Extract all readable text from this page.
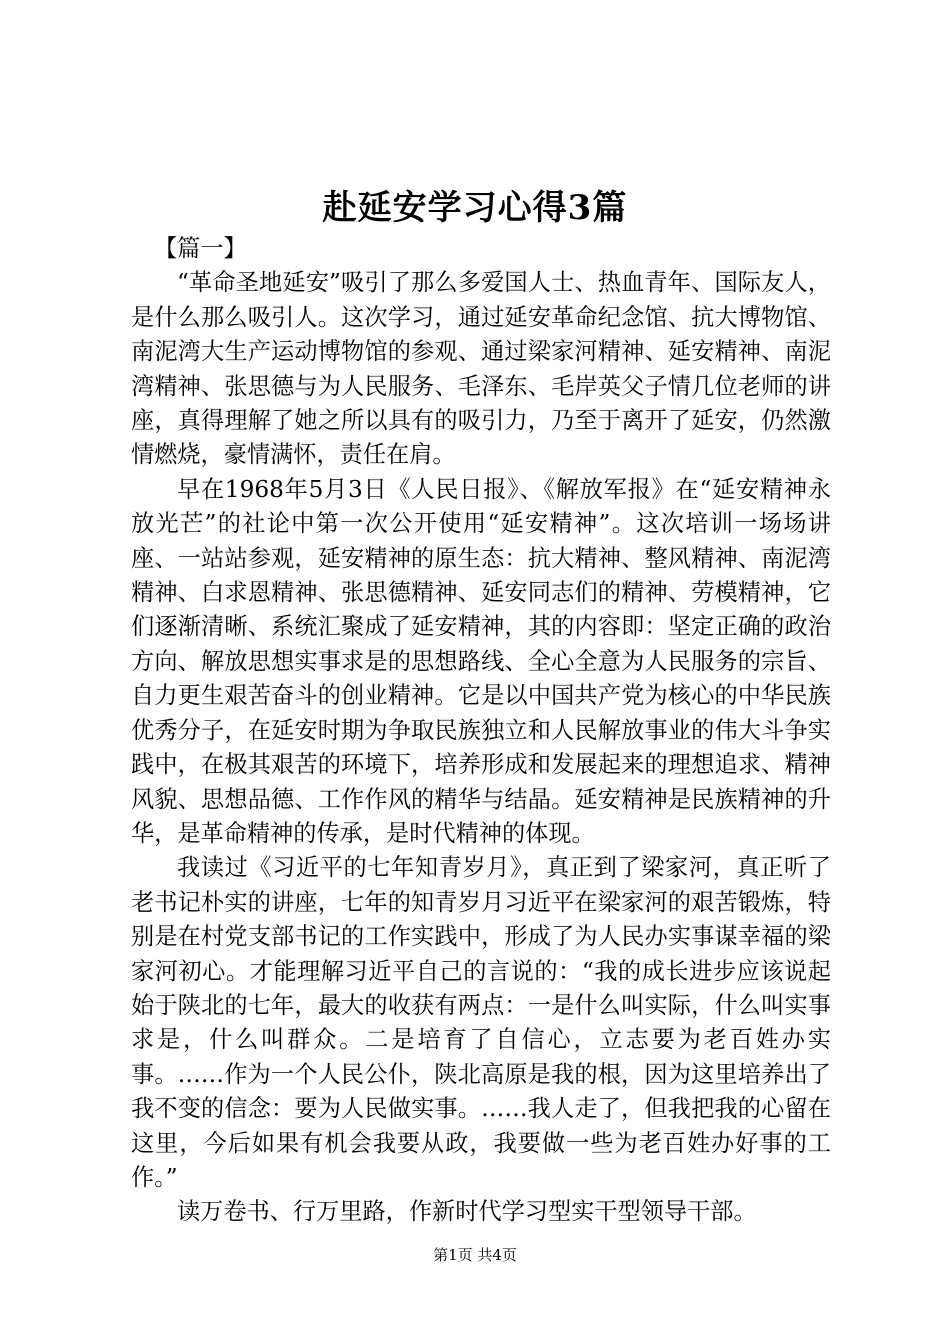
赴延安学习心得3篇

【篇一】

“革命圣地延安”吸引了那么多爱国人士、热血青年、国际友人，是什么那么吸引人。这次学习，通过延安革命纪念馆、抗大博物馆、南泥湾大生产运动博物馆的参观、通过梁家河精神、延安精神、南泥湾精神、张思德与为人民服务、毛泽东、毛岸英父子情几位老师的讲座，真得理解了她之所以具有的吸引力，乃至于离开了延安，仍然激情燃烧，豪情满怀，责任在肩。

早在1968年5月3日《人民日报》、《解放军报》在“延安精神永放光芒”的社论中第一次公开使用“延安精神”。这次培训一场场讲座、一站站参观，延安精神的原生态：抗大精神、整风精神、南泥湾精神、白求恩精神、张思德精神、延安同志们的精神、劳模精神，它们逐渐清晰、系统汇聚成了延安精神，其的内容即：坚定正确的政治方向、解放思想实事求是的思想路线、全心全意为人民服务的宗旨、自力更生艰苦奋斗的创业精神。它是以中国共产党为核心的中华民族优秀分子，在延安时期为争取民族独立和人民解放事业的伟大斗争实践中，在极其艰苦的环境下，培养形成和发展起来的理想追求、精神风貌、思想品德、工作作风的精华与结晶。延安精神是民族精神的升华，是革命精神的传承，是时代精神的体现。

我读过《习近平的七年知青岁月》，真正到了梁家河，真正听了老书记朴实的讲座，七年的知青岁月习近平在梁家河的艰苦锻炼，特别是在村党支部书记的工作实践中，形成了为人民办实事谋幸福的梁家河初心。才能理解习近平自己的言说的：“我的成长进步应该说起始于陕北的七年，最大的收获有两点：一是什么叫实际，什么叫实事求是，什么叫群众。二是培育了自信心，立志要为老百姓办实事。……作为一个人民公仆，陕北高原是我的根，因为这里培养出了我不变的信念：要为人民做实事。……我人走了，但我把我的心留在这里，今后如果有机会我要从政，我要做一些为老百姓办好事的工作。”

读万卷书、行万里路，作新时代学习型实干型领导干部。

第1页 共4页
